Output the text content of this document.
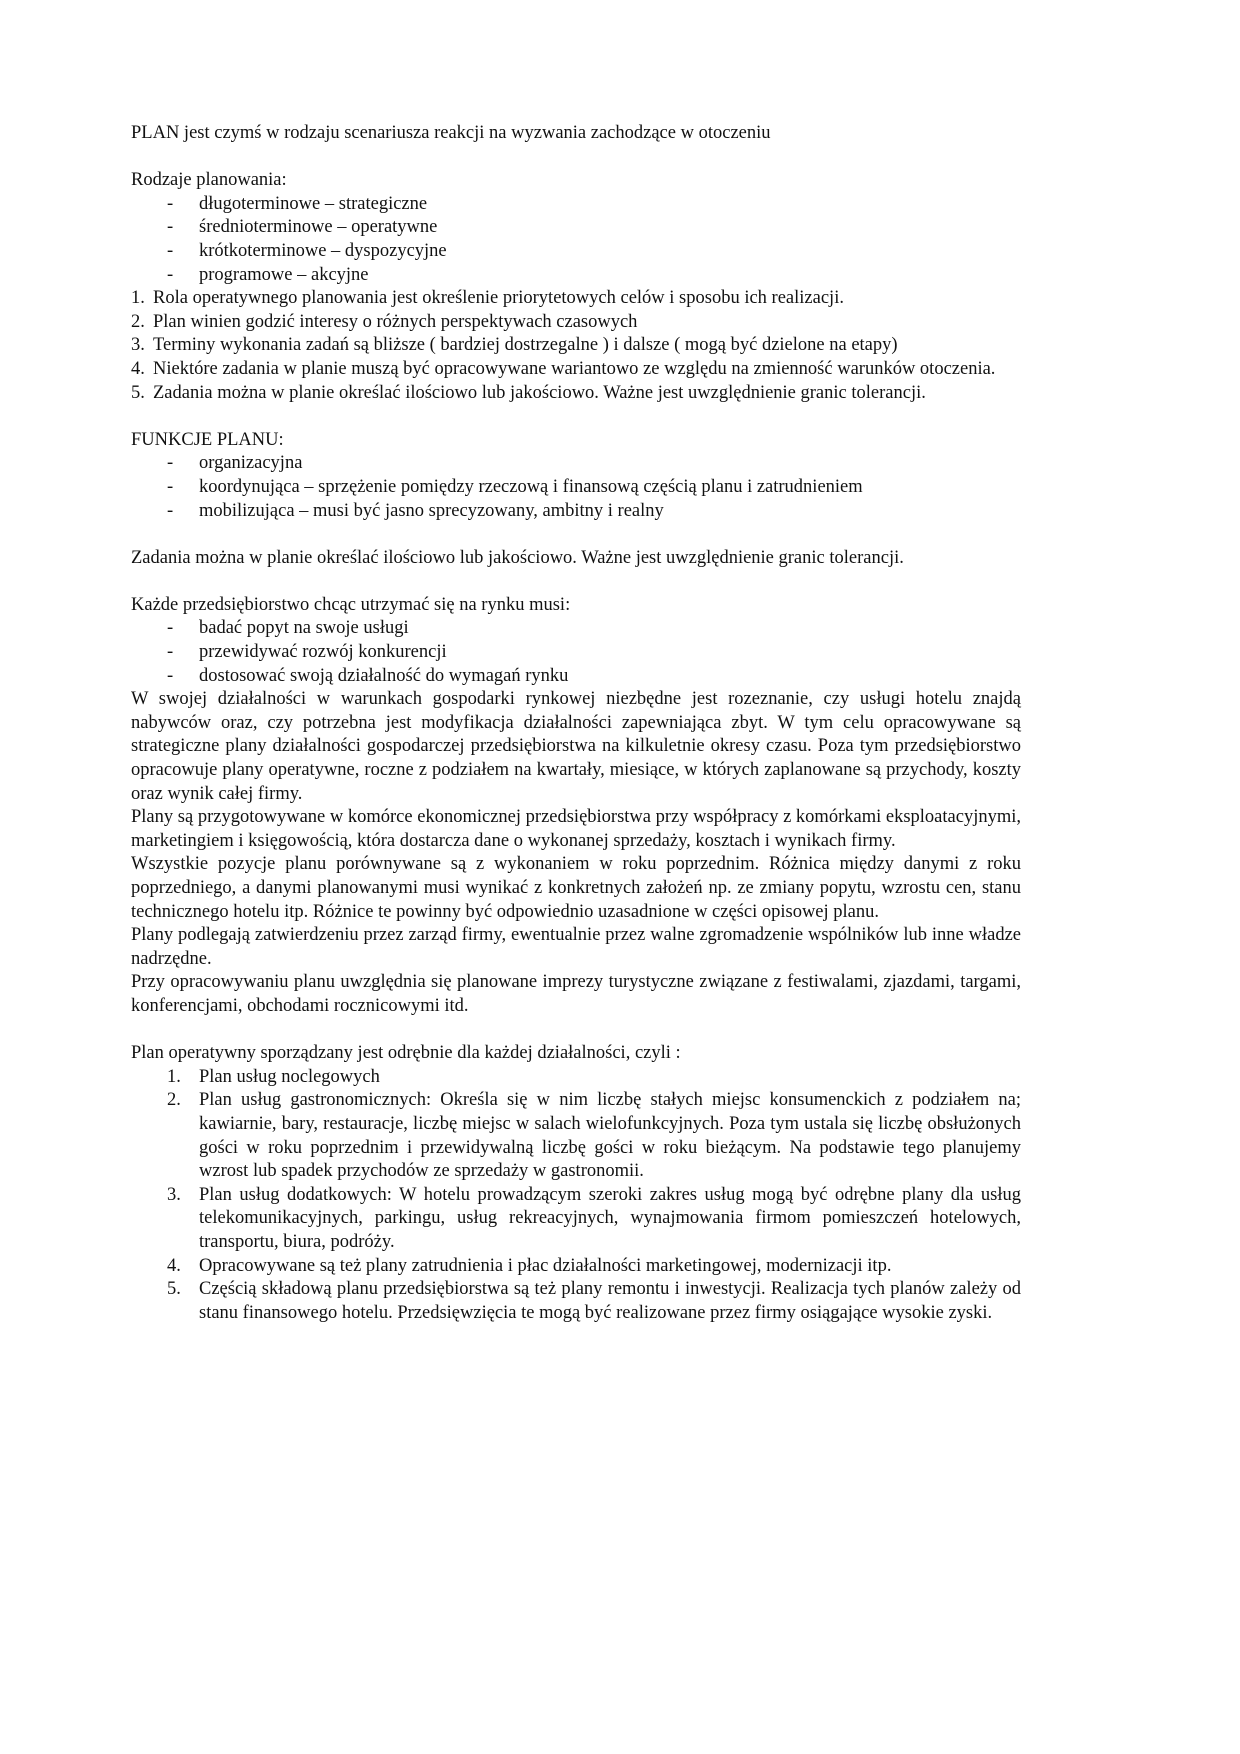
PLAN jest czymś w rodzaju scenariusza reakcji na wyzwania zachodzące w otoczeniu

Rodzaje planowania:

- długoterminowe – strategiczne
- średnioterminowe – operatywne
- krótkoterminowe – dyspozycyjne
- programowe – akcyjne
1. Rola operatywnego planowania jest określenie priorytetowych celów i sposobu ich realizacji.
2. Plan winien godzić interesy o różnych perspektywach czasowych
3. Terminy wykonania zadań są bliższe ( bardziej dostrzegalne ) i dalsze ( mogą być dzielone na etapy)
4. Niektóre zadania w planie muszą być opracowywane wariantowo ze względu na zmienność warunków otoczenia.
5. Zadania można w planie określać ilościowo lub jakościowo. Ważne jest uwzględnienie granic tolerancji.

FUNKCJE PLANU:

- organizacyjna
- koordynująca – sprzężenie pomiędzy rzeczową i finansową częścią planu i zatrudnieniem
- mobilizująca – musi być jasno sprecyzowany, ambitny i realny

Zadania można w planie określać ilościowo lub jakościowo. Ważne jest uwzględnienie granic tolerancji.

Każde przedsiębiorstwo chcąc utrzymać się na rynku musi:

- badać popyt na swoje usługi
- przewidywać rozwój konkurencji
- dostosować swoją działalność do wymagań rynku

W swojej działalności w warunkach gospodarki rynkowej niezbędne jest rozeznanie, czy usługi hotelu znajdą nabywców oraz, czy potrzebna jest modyfikacja działalności zapewniająca zbyt. W tym celu opracowywane są strategiczne plany działalności gospodarczej przedsiębiorstwa na kilkuletnie okresy czasu. Poza tym przedsiębiorstwo opracowuje plany operatywne, roczne z podziałem na kwartały, miesiące, w których zaplanowane są przychody, koszty oraz wynik całej firmy.

Plany są przygotowywane w komórce ekonomicznej przedsiębiorstwa przy współpracy z komórkami eksploatacyjnymi, marketingiem i księgowością, która dostarcza dane o wykonanej sprzedaży, kosztach i wynikach firmy.

Wszystkie pozycje planu porównywane są z wykonaniem w roku poprzednim. Różnica między danymi z roku poprzedniego, a danymi planowanymi musi wynikać z konkretnych założeń np. ze zmiany popytu, wzrostu cen, stanu technicznego hotelu itp. Różnice te powinny być odpowiednio uzasadnione w części opisowej planu.

Plany podlegają zatwierdzeniu przez zarząd firmy, ewentualnie przez walne zgromadzenie wspólników lub inne władze nadrzędne.

Przy opracowywaniu planu uwzględnia się planowane imprezy turystyczne związane z festiwalami, zjazdami, targami, konferencjami, obchodami rocznicowymi itd.

Plan operatywny sporządzany jest odrębnie dla każdej działalności, czyli :

1. Plan usług noclegowych
2. Plan usług gastronomicznych: Określa się w nim liczbę stałych miejsc konsumenckich z podziałem na; kawiarnie, bary, restauracje, liczbę miejsc w salach wielofunkcyjnych. Poza tym ustala się liczbę obsłużonych gości w roku poprzednim i przewidywalną liczbę gości w roku bieżącym. Na podstawie tego planujemy wzrost lub spadek przychodów ze sprzedaży w gastronomii.
3. Plan usług dodatkowych: W hotelu prowadzącym szeroki zakres usług mogą być odrębne plany dla usług telekomunikacyjnych, parkingu, usług rekreacyjnych, wynajmowania firmom pomieszczeń hotelowych, transportu, biura, podróży.
4. Opracowywane są też plany zatrudnienia i płac działalności marketingowej, modernizacji itp.
5. Częścią składową planu przedsiębiorstwa są też plany remontu i inwestycji. Realizacja tych planów zależy od stanu finansowego hotelu. Przedsięwzięcia te mogą być realizowane przez firmy osiągające wysokie zyski.
